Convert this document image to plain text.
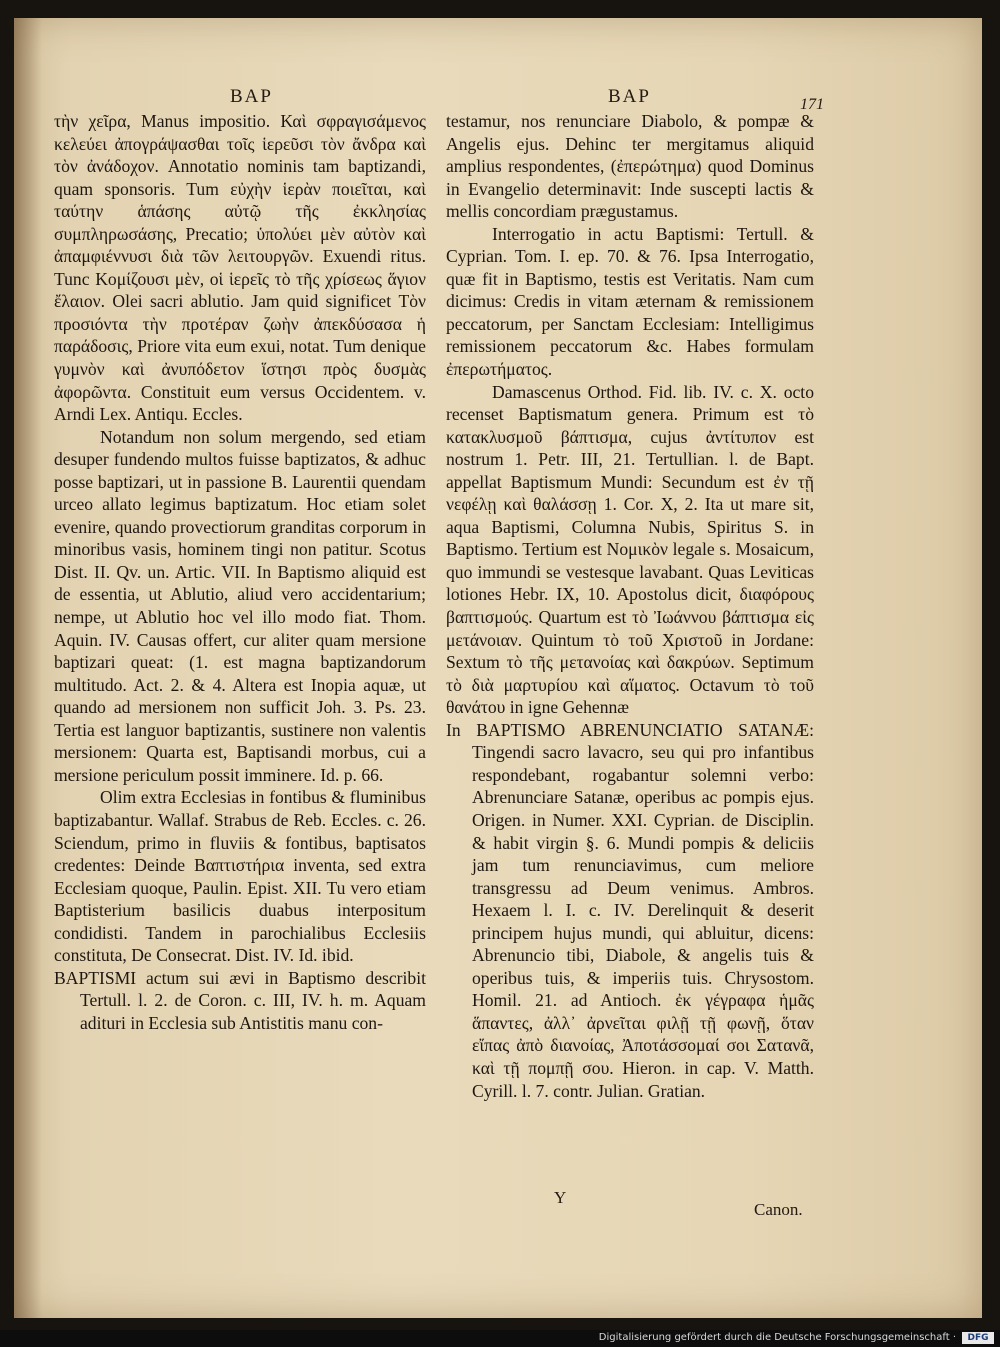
BAP	BAP	171

τὴν χεῖρα, Manus impositio. Καὶ σφραγισάμενος κελεύει ἀπογράψασθαι τοῖς ἱερεῦσι τὸν ἄνδρα καὶ τὸν ἀνάδοχον. Annotatio nominis tam baptizandi, quam sponsoris. Tum εὐχὴν ἱερὰν ποιεῖται, καὶ ταύτην ἁπάσης αὐτῷ τῆς ἐκκλησίας συμπληρωσάσης, Precatio; ὑπολύει μὲν αὐτὸν καὶ ἀπαμφιέννυσι διὰ τῶν λειτουργῶν. Exuendi ritus. Tunc Κομίζουσι μὲν, οἱ ἱερεῖς τὸ τῆς χρίσεως ἅγιον ἔλαιον. Olei sacri ablutio. Jam quid significet Τὸν προσιόντα τὴν προτέραν ζωὴν ἀπεκδύσασα ἡ παράδοσις, Priore vita eum exui, notat. Tum denique γυμνὸν καὶ ἀνυπόδετον ἵστησι πρὸς δυσμὰς ἀφορῶντα. Constituit eum versus Occidentem. v. Arndi Lex. Antiqu. Eccles.

Notandum non solum mergendo, sed etiam desuper fundendo multos fuisse baptizatos, & adhuc posse baptizari, ut in passione B. Laurentii quendam urceo allato legimus baptizatum. Hoc etiam solet evenire, quando provectiorum granditas corporum in minoribus vasis, hominem tingi non patitur. Scotus Dist. II. Qv. un. Artic. VII. In Baptismo aliquid est de essentia, ut Ablutio, aliud vero accidentarium; nempe, ut Ablutio hoc vel illo modo fiat. Thom. Aquin. IV. Causas offert, cur aliter quam mersione baptizari queat: (1. est magna baptizandorum multitudo. Act. 2. & 4. Altera est Inopia aquæ, ut quando ad mersionem non sufficit Joh. 3. Ps. 23. Tertia est languor baptizantis, sustinere non valentis mersionem: Quarta est, Baptisandi morbus, cui a mersione periculum possit imminere. Id. p. 66.

Olim extra Ecclesias in fontibus & fluminibus baptizabantur. Wallaf. Strabus de Reb. Eccles. c. 26. Sciendum, primo in fluviis & fontibus, baptisatos credentes: Deinde Βαπτιστήρια inventa, sed extra Ecclesiam quoque, Paulin. Epist. XII. Tu vero etiam Baptisterium basilicis duabus interpositum condidisti. Tandem in parochialibus Ecclesiis constituta, De Consecrat. Dist. IV. Id. ibid.

BAPTISMI actum sui ævi in Baptismo describit Tertull. l. 2. de Coron. c. III, IV. h. m. Aquam adituri in Ecclesia sub Antistitis manu con-

testamur, nos renunciare Diabolo, & pompæ & Angelis ejus. Dehinc ter mergitamus aliquid amplius respondentes, (ἐπερώτημα) quod Dominus in Evangelio determinavit: Inde suscepti lactis & mellis concordiam prægustamus.

Interrogatio in actu Baptismi: Tertull. & Cyprian. Tom. I. ep. 70. & 76. Ipsa Interrogatio, quæ fit in Baptismo, testis est Veritatis. Nam cum dicimus: Credis in vitam æternam & remissionem peccatorum, per Sanctam Ecclesiam: Intelligimus remissionem peccatorum &c. Habes formulam ἐπερωτήματος.

Damascenus Orthod. Fid. lib. IV. c. X. octo recenset Baptismatum genera. Primum est τὸ κατακλυσμοῦ βάπτισμα, cujus ἀντίτυπον est nostrum 1. Petr. III, 21. Tertullian. l. de Bapt. appellat Baptismum Mundi: Secundum est ἐν τῇ νεφέλῃ καὶ θαλάσσῃ 1. Cor. X, 2. Ita ut mare sit, aqua Baptismi, Columna Nubis, Spiritus S. in Baptismo. Tertium est Νομικὸν legale s. Mosaicum, quo immundi se vestesque lavabant. Quas Leviticas lotiones Hebr. IX, 10. Apostolus dicit, διαφόρους βαπτισμούς. Quartum est τὸ Ἰωάννου βάπτισμα εἰς μετάνοιαν. Quintum τὸ τοῦ Χριστοῦ in Jordane: Sextum τὸ τῆς μετανοίας καὶ δακρύων. Septimum τὸ διὰ μαρτυρίου καὶ αἵματος. Octavum τὸ τοῦ θανάτου in igne Gehennæ

In BAPTISMO ABRENUNCIATIO SATANÆ: Tingendi sacro lavacro, seu qui pro infantibus respondebant, rogabantur solemni verbo: Abrenunciare Satanæ, operibus ac pompis ejus. Origen. in Numer. XXI. Cyprian. de Disciplin. & habit virgin §. 6. Mundi pompis & deliciis jam tum renunciavimus, cum meliore transgressu ad Deum venimus. Ambros. Hexaem l. I. c. IV. Derelinquit & deserit principem hujus mundi, qui abluitur, dicens: Abrenuncio tibi, Diabole, & angelis tuis & operibus tuis, & imperiis tuis. Chrysostom. Homil. 21. ad Antioch. ἐκ γέγραφα ἡμᾶς ἅπαντες, ἀλλ᾽ ἀρνεῖται φιλῇ τῇ φωνῇ, ὅταν εἴπας ἀπὸ διανοίας, Ἀποτάσσομαί σοι Σατανᾶ, καὶ τῇ πομπῇ σου. Hieron. in cap. V. Matth. Cyrill. l. 7. contr. Julian. Gratian.

Y
Canon.
Digitalisierung gefördert durch die Deutsche Forschungsgemeinschaft ·	DFG
